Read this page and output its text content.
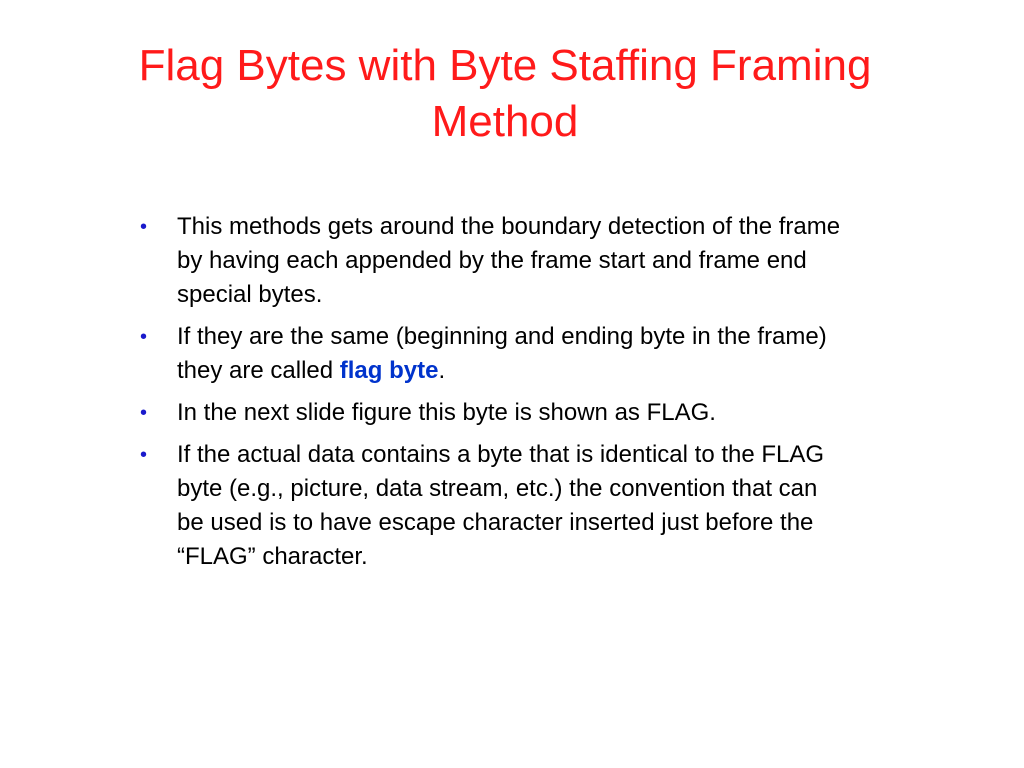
Flag Bytes with Byte Staffing Framing
Method
•	This methods gets around the boundary detection of the frame
by having each appended by the frame start and frame end
special bytes.
•	If they are the same (beginning and ending byte in the frame)
they are called flag byte.
•	In the next slide figure this byte is shown as FLAG.
•	If the actual data contains a byte that is identical to the FLAG
byte (e.g., picture, data stream, etc.) the convention that can
be used is to have escape character inserted just before the
“FLAG” character.
